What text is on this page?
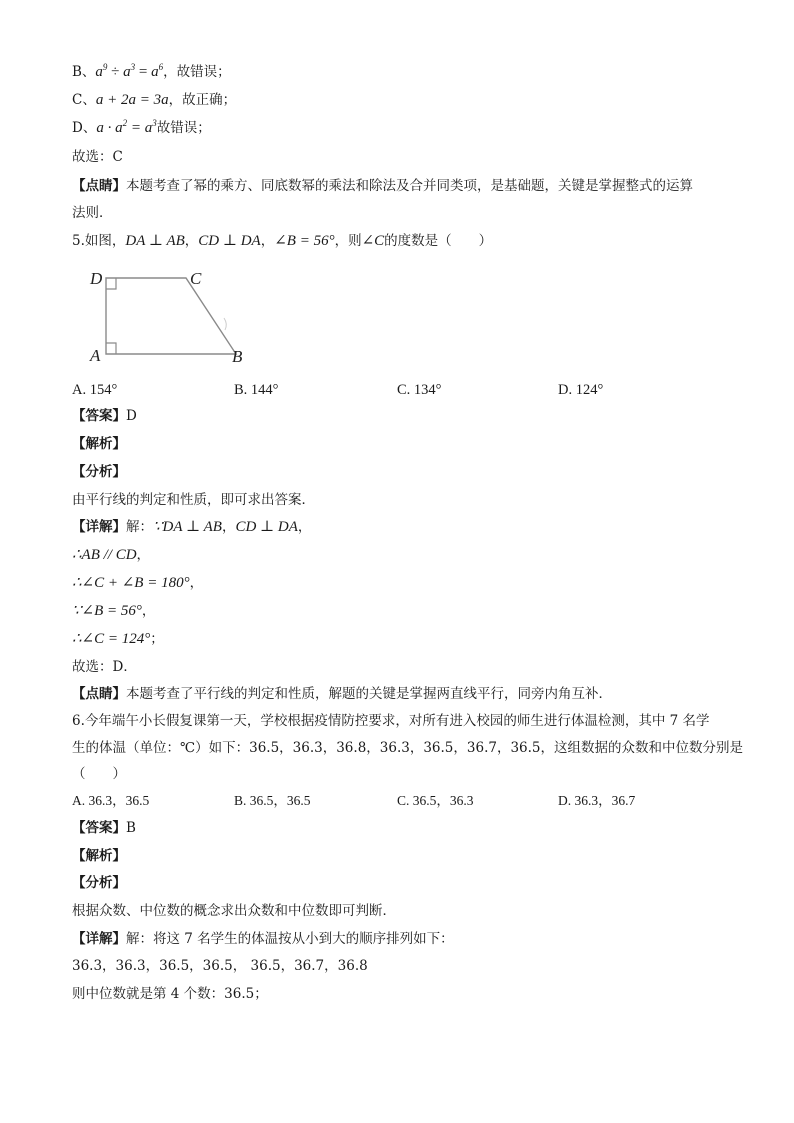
B、$a^9 \div a^3 = a^6$，故错误；
C、a + 2a = 3a，故正确；
D、$a \cdot a^2 = a^3$故错误；
故选：C
【点睛】本题考查了幂的乘方、同底数幂的乘法和除法及合并同类项，是基础题，关键是掌握整式的运算
法则．
5.如图，DA ⊥ AB，CD ⊥ DA，∠B = 56°，则∠C的度数是（　　）
D	C
A	B
A. 154°	B. 144°	C. 134°	D. 124°
【答案】D
【解析】
【分析】
由平行线的判定和性质，即可求出答案．
【详解】解：∵DA ⊥ AB，CD ⊥ DA，
∴AB // CD，
∴∠C + ∠B = 180°，
∵∠B = 56°，
∴∠C = 124°；
故选：D．
【点睛】本题考查了平行线的判定和性质，解题的关键是掌握两直线平行，同旁内角互补．
6.今年端午小长假复课第一天，学校根据疫情防控要求，对所有进入校园的师生进行体温检测，其中 7 名学
生的体温（单位：℃）如下：36.5，36.3，36.8，36.3，36.5，36.7，36.5，这组数据的众数和中位数分别是
（　　）
A. 36.3，36.5	B. 36.5，36.5	C. 36.5，36.3	D. 36.3，36.7
【答案】B
【解析】
【分析】
根据众数、中位数的概念求出众数和中位数即可判断．
【详解】解：将这 7 名学生的体温按从小到大的顺序排列如下：
36.3，36.3，36.5，36.5， 36.5，36.7，36.8
则中位数就是第 4 个数：36.5；
